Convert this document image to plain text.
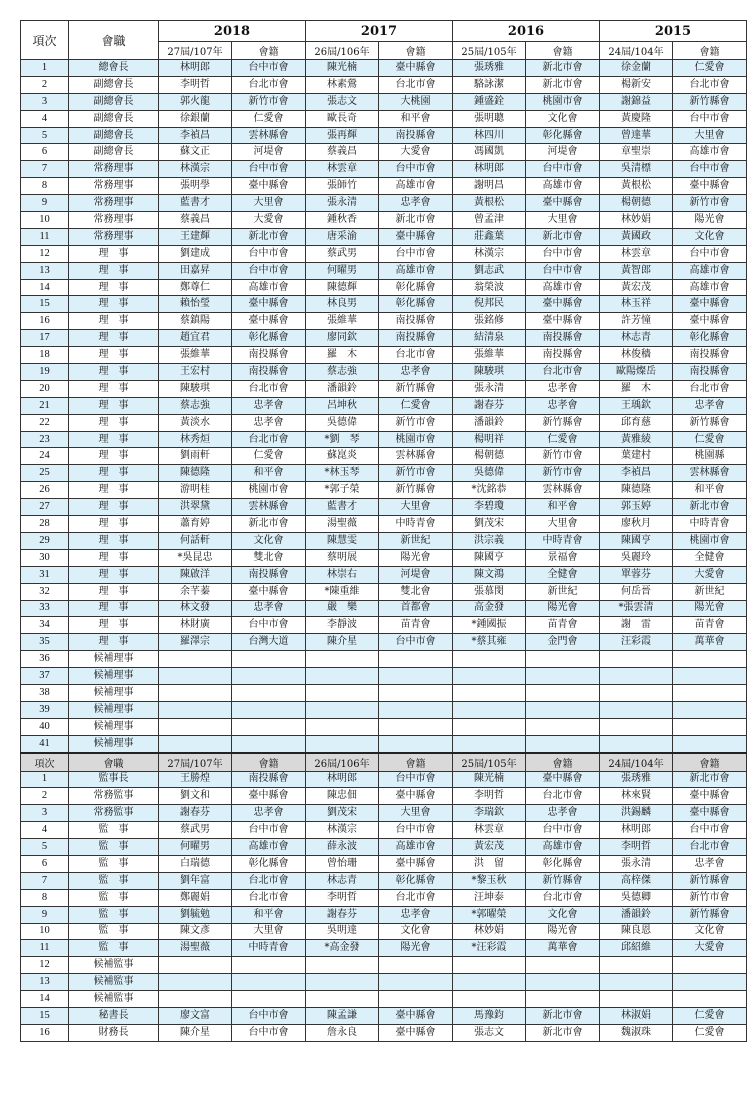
項次	會職	2018		2017		2016		2015	
		27屆/107年	會籍	26屆/106年	會籍	25屆/105年	會籍	24屆/104年	會籍
1	總會長	林明郎	台中市會	陳光楠	臺中縣會	張琇雅	新北市會	徐金蘭	仁愛會
2	副總會長	李明哲	台北市會	林素鶯	台北市會	駱詠潔	新北市會	楊新安	台北市會
3	副總會長	郭火龍	新竹市會	張志文	大桃園	鍾盛銓	桃園市會	謝錦益	新竹縣會
4	副總會長	徐銀蘭	仁愛會	歐長奇	和平會	張明聰	文化會	黃慶隆	台中市會
5	副總會長	李禎昌	雲林縣會	張再輝	南投縣會	林四川	彰化縣會	曾達華	大里會
6	副總會長	蘇文正	河堤會	蔡義昌	大愛會	馮國凱	河堤會	章聖崇	高雄市會
7	常務理事	林漢宗	台中市會	林雲章	台中市會	林明郎	台中市會	吳清標	台中市會
8	常務理事	張明學	臺中縣會	張師竹	高雄市會	謝明昌	高雄市會	黃根松	臺中縣會
9	常務理事	藍書才	大里會	張永清	忠孝會	黃根松	臺中縣會	楊朝德	新竹市會
10	常務理事	蔡義昌	大愛會	鍾秋香	新北市會	曾孟津	大里會	林妙娟	陽光會
11	常務理事	王建輝	新北市會	唐采渝	臺中縣會	莊鑫葉	新北市會	黃國政	文化會
12	理　事	劉建成	台中市會	蔡武男	台中市會	林漢宗	台中市會	林雲章	台中市會
13	理　事	田嘉昇	台中市會	何曜男	高雄市會	劉志武	台中市會	黃智郎	高雄市會
14	理　事	鄭尊仁	高雄市會	陳德輝	彰化縣會	翁榮波	高雄市會	黃宏茂	高雄市會
15	理　事	賴怡瑩	臺中縣會	林良男	彰化縣會	倪邦民	臺中縣會	林玉祥	臺中縣會
16	理　事	蔡鎮陽	臺中縣會	張維華	南投縣會	張銘修	臺中縣會	許芳憧	臺中縣會
17	理　事	趙宜君	彰化縣會	廖同欽	南投縣會	結清泉	南投縣會	林志青	彰化縣會
18	理　事	張維華	南投縣會	羅　木	台北市會	張維華	南投縣會	林俊穡	南投縣會
19	理　事	王宏村	南投縣會	蔡志強	忠孝會	陳駿琪	台北市會	歐陽燦岳	南投縣會
20	理　事	陳駿琪	台北市會	潘韻鈴	新竹縣會	張永清	忠孝會	羅　木	台北市會
21	理　事	蔡志強	忠孝會	呂坤秋	仁愛會	謝春芬	忠孝會	王瑀欽	忠孝會
22	理　事	黃淡水	忠孝會	吳德偉	新竹市會	潘韻鈴	新竹縣會	邱育慈	新竹縣會
23	理　事	林秀烜	台北市會	*劉　琴	桃園市會	楊明祥	仁愛會	黃雅綾	仁愛會
24	理　事	劉雨軒	仁愛會	蘇崑炎	雲林縣會	楊朝德	新竹市會	葉建村	桃園縣
25	理　事	陳德隆	和平會	*林玉琴	新竹市會	吳德偉	新竹市會	李禎昌	雲林縣會
26	理　事	游明桂	桃園市會	*郭子榮	新竹縣會	*沈銘恭	雲林縣會	陳德隆	和平會
27	理　事	洪翠黛	雲林縣會	藍書才	大里會	李碧瓊	和平會	郭玉婷	新北市會
28	理　事	蕭育婷	新北市會	湯聖薇	中時青會	劉茂宋	大里會	廖秋月	中時青會
29	理　事	何話軒	文化會	陳慧雯	新世紀	洪宗義	中時青會	陳國亨	桃園市會
30	理　事	*吳昆忠	雙北會	蔡明展	陽光會	陳國亨	景福會	吳麗玲	全健會
31	理　事	陳啟洋	南投縣會	林崇右	河堤會	陳文鴻	全健會	單蓉芬	大愛會
32	理　事	余芊蓁	臺中縣會	*陳重維	雙北會	張慕閔	新世紀	何岳晉	新世紀
33	理　事	林文發	忠孝會	嚴　樂	首都會	高金發	陽光會	*張雲清	陽光會
34	理　事	林財廣	台中市會	李靜波	苗青會	*鍾國振	苗青會	謝　雷	苗青會
35	理　事	羅澤宗	台灣大道	陳介星	台中市會	*蔡其雍	金門會	汪彩霞	萬華會
36	候補理事								
37	候補理事								
38	候補理事								
39	候補理事								
40	候補理事								
41	候補理事								
項次	會職	27屆/107年	會籍	26屆/106年	會籍	25屆/105年	會籍	24屆/104年	會籍
1	監事長	王勝煌	南投縣會	林明郎	台中市會	陳光楠	臺中縣會	張琇雅	新北市會
2	常務監事	劉文和	臺中縣會	陳忠佃	臺中縣會	李明哲	台北市會	林來賢	臺中縣會
3	常務監事	謝春芬	忠孝會	劉茂宋	大里會	李瑞欽	忠孝會	洪錫麟	臺中縣會
4	監　事	蔡武男	台中市會	林漢宗	台中市會	林雲章	台中市會	林明郎	台中市會
5	監　事	何曜男	高雄市會	薛永波	高雄市會	黃宏茂	高雄市會	李明哲	台北市會
6	監　事	白瑞德	彰化縣會	曾怡珊	臺中縣會	洪　留	彰化縣會	張永清	忠孝會
7	監　事	劉年富	台北市會	林志青	彰化縣會	*黎玉秋	新竹縣會	高梓傑	新竹縣會
8	監　事	鄭麗娟	台北市會	李明哲	台北市會	汪坤泰	台北市會	吳德卿	新竹市會
9	監　事	劉毓勉	和平會	謝春芬	忠孝會	*郭曜榮	文化會	潘韻鈴	新竹縣會
10	監　事	陳文彥	大里會	吳明達	文化會	林妙娟	陽光會	陳良恩	文化會
11	監　事	湯聖薇	中時青會	*高金發	陽光會	*汪彩霞	萬華會	邱紹維	大愛會
12	候補監事								
13	候補監事								
14	候補監事								
15	秘書長	廖文富	台中市會	陳孟謙	臺中縣會	馬豫鈞	新北市會	林淑娟	仁愛會
16	財務長	陳介星	台中市會	詹永良	臺中縣會	張志文	新北市會	魏淑珠	仁愛會
